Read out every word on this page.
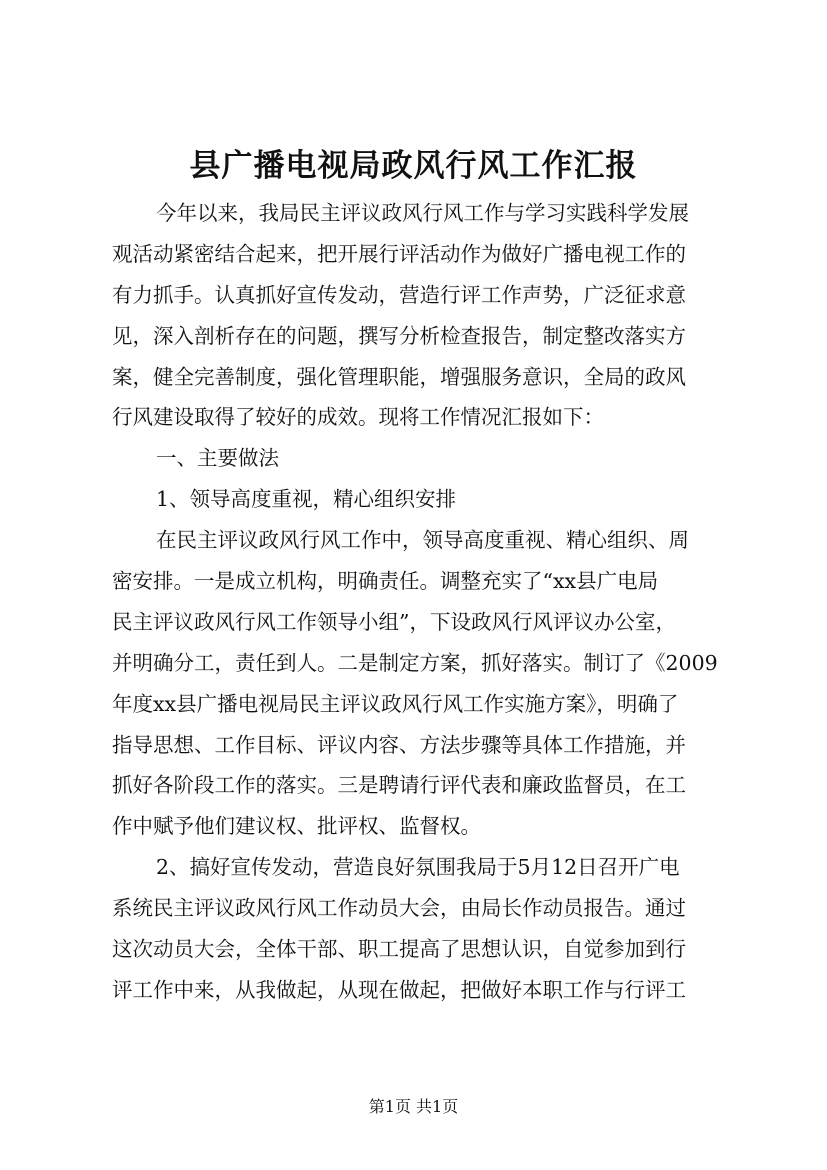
县广播电视局政风行风工作汇报
今年以来，我局民主评议政风行风工作与学习实践科学发展
观活动紧密结合起来，把开展行评活动作为做好广播电视工作的
有力抓手。认真抓好宣传发动，营造行评工作声势，广泛征求意
见，深入剖析存在的问题，撰写分析检查报告，制定整改落实方
案，健全完善制度，强化管理职能，增强服务意识，全局的政风
行风建设取得了较好的成效。现将工作情况汇报如下：
一、主要做法
1、领导高度重视，精心组织安排
在民主评议政风行风工作中，领导高度重视、精心组织、周
密安排。一是成立机构，明确责任。调整充实了“xx县广电局
民主评议政风行风工作领导小组”，下设政风行风评议办公室，
并明确分工，责任到人。二是制定方案，抓好落实。制订了《2009
年度xx县广播电视局民主评议政风行风工作实施方案》，明确了
指导思想、工作目标、评议内容、方法步骤等具体工作措施，并
抓好各阶段工作的落实。三是聘请行评代表和廉政监督员，在工
作中赋予他们建议权、批评权、监督权。
2、搞好宣传发动，营造良好氛围我局于5月12日召开广电
系统民主评议政风行风工作动员大会，由局长作动员报告。通过
这次动员大会，全体干部、职工提高了思想认识，自觉参加到行
评工作中来，从我做起，从现在做起，把做好本职工作与行评工
第1页 共1页
